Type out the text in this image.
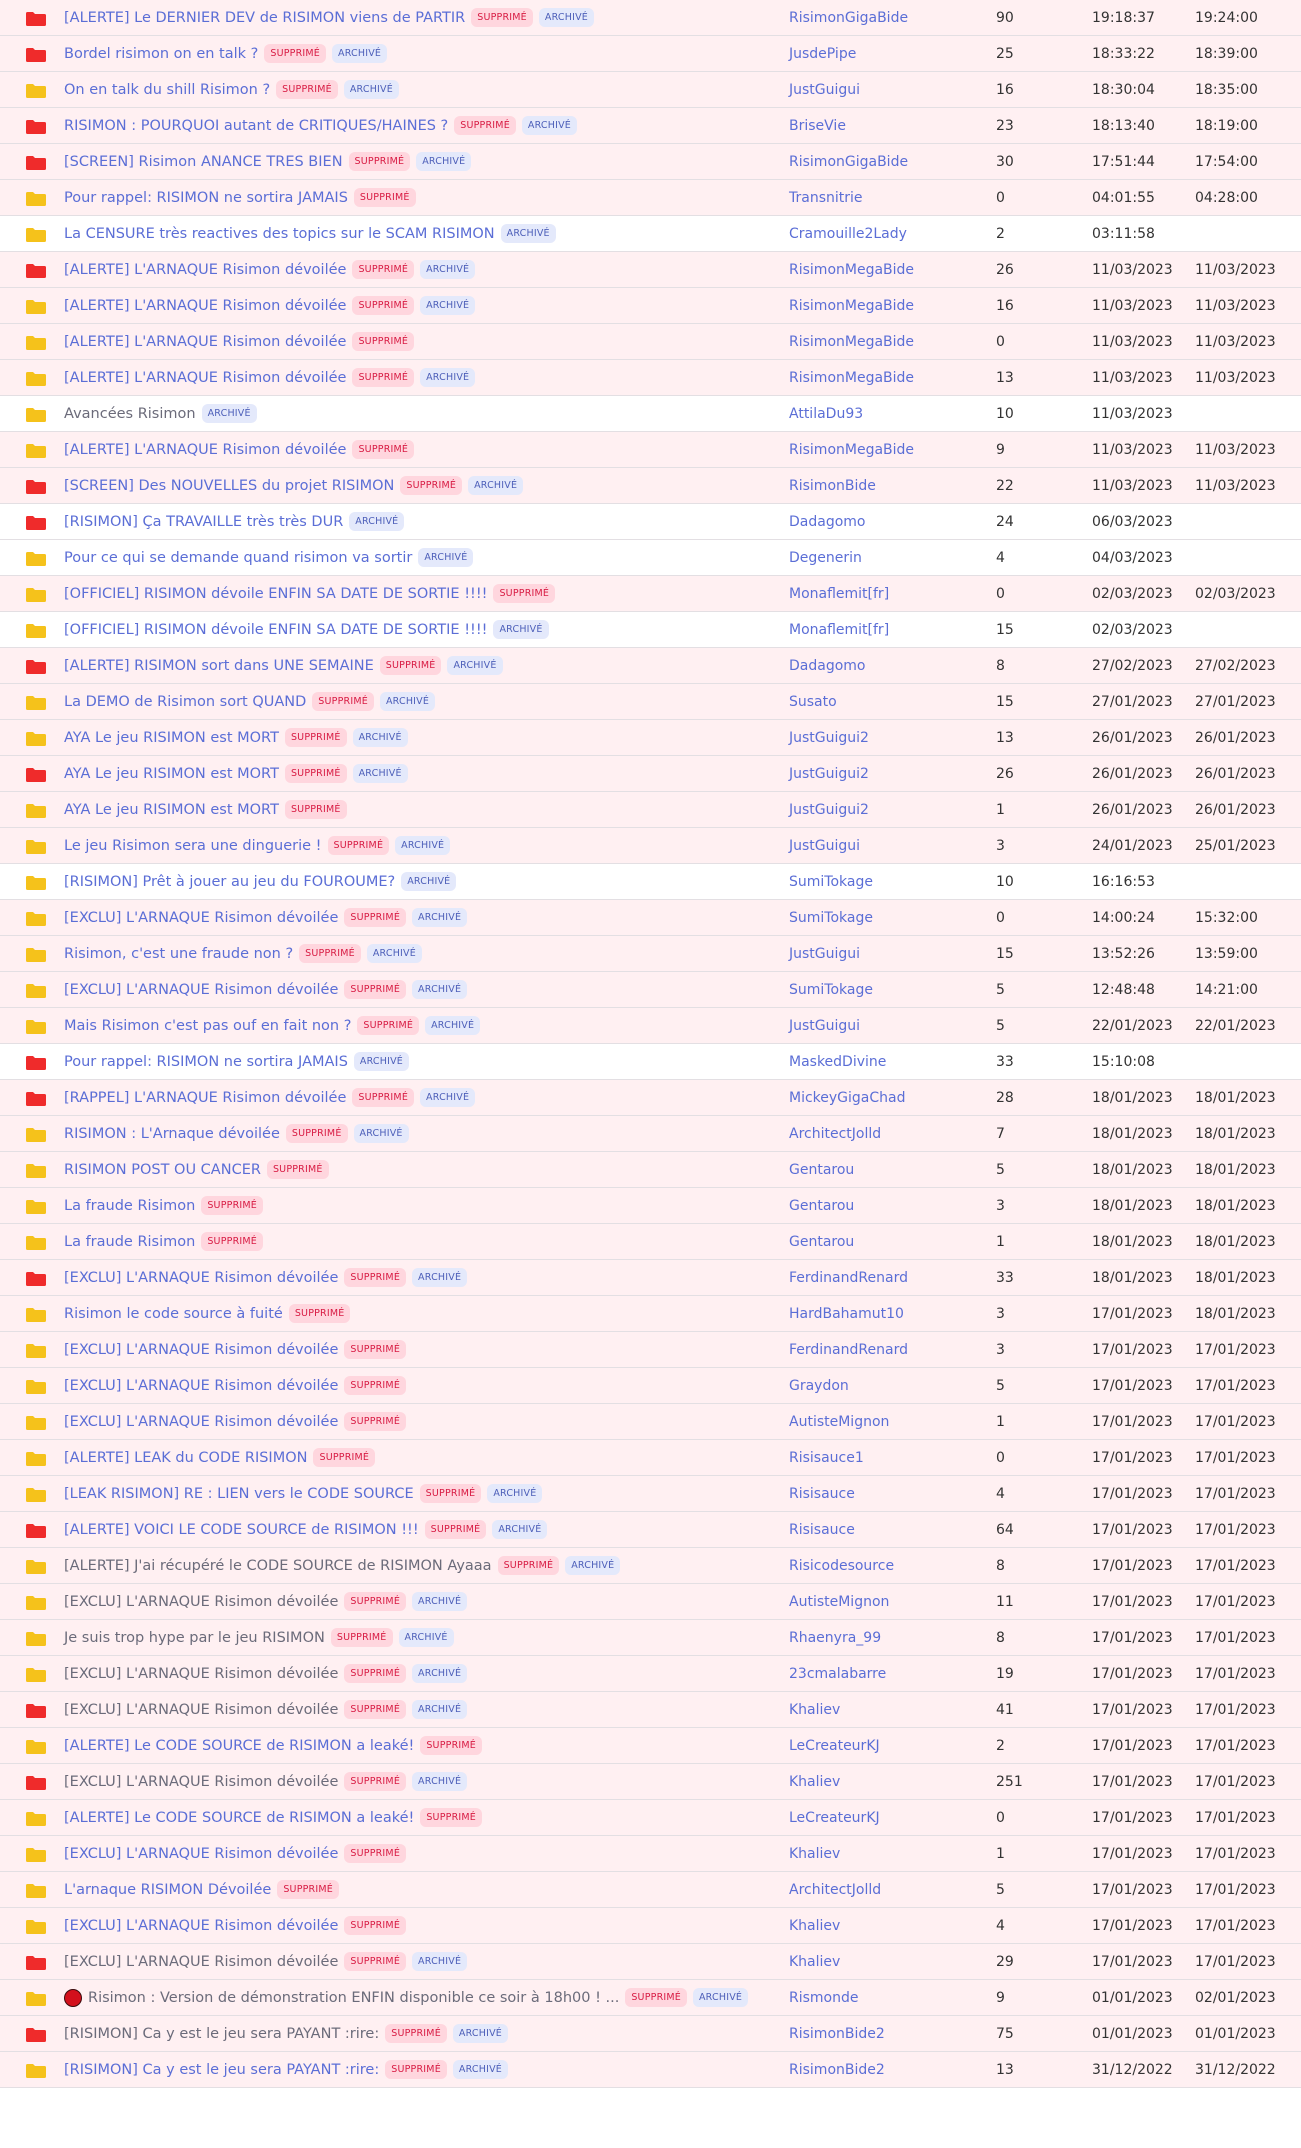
[ALERTE] Le DERNIER DEV de RISIMON viens de PARTIR	SUPPRIMÉ	ARCHIVÉ	RisimonGigaBide	90	19:18:37	19:24:00
Bordel risimon on en talk ?	SUPPRIMÉ	ARCHIVÉ	JusdePipe	25	18:33:22	18:39:00
On en talk du shill Risimon ?	SUPPRIMÉ	ARCHIVÉ	JustGuigui	16	18:30:04	18:35:00
RISIMON : POURQUOI autant de CRITIQUES/HAINES ?	SUPPRIMÉ	ARCHIVÉ	BriseVie	23	18:13:40	18:19:00
[SCREEN] Risimon ANANCE TRES BIEN	SUPPRIMÉ	ARCHIVÉ	RisimonGigaBide	30	17:51:44	17:54:00
Pour rappel: RISIMON ne sortira JAMAIS	SUPPRIMÉ	Transnitrie	0	04:01:55	04:28:00
La CENSURE très reactives des topics sur le SCAM RISIMON	ARCHIVÉ	Cramouille2Lady	2	03:11:58
[ALERTE] L'ARNAQUE Risimon dévoilée	SUPPRIMÉ	ARCHIVÉ	RisimonMegaBide	26	11/03/2023 11/03/2023
[ALERTE] L'ARNAQUE Risimon dévoilée	SUPPRIMÉ	ARCHIVÉ	RisimonMegaBide	16	11/03/2023 11/03/2023
[ALERTE] L'ARNAQUE Risimon dévoilée	SUPPRIMÉ	RisimonMegaBide	0	11/03/2023 11/03/2023
[ALERTE] L'ARNAQUE Risimon dévoilée	SUPPRIMÉ	ARCHIVÉ	RisimonMegaBide	13	11/03/2023 11/03/2023
Avancées Risimon	ARCHIVÉ	AttilaDu93	10	11/03/2023
[ALERTE] L'ARNAQUE Risimon dévoilée	SUPPRIMÉ	RisimonMegaBide	9	11/03/2023 11/03/2023
[SCREEN] Des NOUVELLES du projet RISIMON	SUPPRIMÉ	ARCHIVÉ	RisimonBide	22	11/03/2023 11/03/2023
[RISIMON] Ça TRAVAILLE très très DUR	ARCHIVÉ	Dadagomo	24	06/03/2023
Pour ce qui se demande quand risimon va sortir	ARCHIVÉ	Degenerin	4	04/03/2023
[OFFICIEL] RISIMON dévoile ENFIN SA DATE DE SORTIE !!!!	SUPPRIMÉ	Monaflemit[fr]	0	02/03/2023 02/03/2023
[OFFICIEL] RISIMON dévoile ENFIN SA DATE DE SORTIE !!!!	ARCHIVÉ	Monaflemit[fr]	15	02/03/2023
[ALERTE] RISIMON sort dans UNE SEMAINE	SUPPRIMÉ	ARCHIVÉ	Dadagomo	8	27/02/2023 27/02/2023
La DEMO de Risimon sort QUAND	SUPPRIMÉ	ARCHIVÉ	Susato	15	27/01/2023 27/01/2023
AYA Le jeu RISIMON est MORT	SUPPRIMÉ	ARCHIVÉ	JustGuigui2	13	26/01/2023 26/01/2023
AYA Le jeu RISIMON est MORT	SUPPRIMÉ	ARCHIVÉ	JustGuigui2	26	26/01/2023 26/01/2023
AYA Le jeu RISIMON est MORT	SUPPRIMÉ	JustGuigui2	1	26/01/2023 26/01/2023
Le jeu Risimon sera une dinguerie !	SUPPRIMÉ	ARCHIVÉ	JustGuigui	3	24/01/2023 25/01/2023
[RISIMON] Prêt à jouer au jeu du FOUROUME?	ARCHIVÉ	SumiTokage	10	16:16:53
[EXCLU] L'ARNAQUE Risimon dévoilée	SUPPRIMÉ	ARCHIVÉ	SumiTokage	0	14:00:24	15:32:00
Risimon, c'est une fraude non ?	SUPPRIMÉ	ARCHIVÉ	JustGuigui	15	13:52:26	13:59:00
[EXCLU] L'ARNAQUE Risimon dévoilée	SUPPRIMÉ	ARCHIVÉ	SumiTokage	5	12:48:48	14:21:00
Mais Risimon c'est pas ouf en fait non ?	SUPPRIMÉ	ARCHIVÉ	JustGuigui	5	22/01/2023 22/01/2023
Pour rappel: RISIMON ne sortira JAMAIS	ARCHIVÉ	MaskedDivine	33	15:10:08
[RAPPEL] L'ARNAQUE Risimon dévoilée	SUPPRIMÉ	ARCHIVÉ	MickeyGigaChad	28	18/01/2023 18/01/2023
RISIMON : L'Arnaque dévoilée	SUPPRIMÉ	ARCHIVÉ	ArchitectJolld	7	18/01/2023 18/01/2023
RISIMON POST OU CANCER	SUPPRIMÉ	Gentarou	5	18/01/2023 18/01/2023
La fraude Risimon	SUPPRIMÉ	Gentarou	3	18/01/2023 18/01/2023
La fraude Risimon	SUPPRIMÉ	Gentarou	1	18/01/2023 18/01/2023
[EXCLU] L'ARNAQUE Risimon dévoilée	SUPPRIMÉ	ARCHIVÉ	FerdinandRenard	33	18/01/2023 18/01/2023
Risimon le code source à fuité	SUPPRIMÉ	HardBahamut10	3	17/01/2023 18/01/2023
[EXCLU] L'ARNAQUE Risimon dévoilée	SUPPRIMÉ	FerdinandRenard	3	17/01/2023 17/01/2023
[EXCLU] L'ARNAQUE Risimon dévoilée	SUPPRIMÉ	Graydon	5	17/01/2023 17/01/2023
[EXCLU] L'ARNAQUE Risimon dévoilée	SUPPRIMÉ	AutisteMignon	1	17/01/2023 17/01/2023
[ALERTE] LEAK du CODE RISIMON	SUPPRIMÉ	Risisauce1	0	17/01/2023 17/01/2023
[LEAK RISIMON] RE : LIEN vers le CODE SOURCE	SUPPRIMÉ	ARCHIVÉ	Risisauce	4	17/01/2023 17/01/2023
[ALERTE] VOICI LE CODE SOURCE de RISIMON !!!	SUPPRIMÉ	ARCHIVÉ	Risisauce	64	17/01/2023 17/01/2023
[ALERTE] J'ai récupéré le CODE SOURCE de RISIMON Ayaaa	SUPPRIMÉ	ARCHIVÉ	Risicodesource	8	17/01/2023 17/01/2023
[EXCLU] L'ARNAQUE Risimon dévoilée	SUPPRIMÉ	ARCHIVÉ	AutisteMignon	11	17/01/2023 17/01/2023
Je suis trop hype par le jeu RISIMON	SUPPRIMÉ	ARCHIVÉ	Rhaenyra_99	8	17/01/2023 17/01/2023
[EXCLU] L'ARNAQUE Risimon dévoilée	SUPPRIMÉ	ARCHIVÉ	23cmalabarre	19	17/01/2023 17/01/2023
[EXCLU] L'ARNAQUE Risimon dévoilée	SUPPRIMÉ	ARCHIVÉ	Khaliev	41	17/01/2023 17/01/2023
[ALERTE] Le CODE SOURCE de RISIMON a leaké!	SUPPRIMÉ	LeCreateurKJ	2	17/01/2023 17/01/2023
[EXCLU] L'ARNAQUE Risimon dévoilée	SUPPRIMÉ	ARCHIVÉ	Khaliev	251	17/01/2023 17/01/2023
[ALERTE] Le CODE SOURCE de RISIMON a leaké!	SUPPRIMÉ	LeCreateurKJ	0	17/01/2023 17/01/2023
[EXCLU] L'ARNAQUE Risimon dévoilée	SUPPRIMÉ	Khaliev	1	17/01/2023 17/01/2023
L'arnaque RISIMON Dévoilée	SUPPRIMÉ	ArchitectJolld	5	17/01/2023 17/01/2023
[EXCLU] L'ARNAQUE Risimon dévoilée	SUPPRIMÉ	Khaliev	4	17/01/2023 17/01/2023
[EXCLU] L'ARNAQUE Risimon dévoilée	SUPPRIMÉ	ARCHIVÉ	Khaliev	29	17/01/2023 17/01/2023
Risimon : Version de démonstration ENFIN disponible ce soir à 18h00 ! ...	SUPPRIMÉ	ARCHIVÉ	Rismonde	9	01/01/2023 02/01/2023
[RISIMON] Ca y est le jeu sera PAYANT :rire:	SUPPRIMÉ	ARCHIVÉ	RisimonBide2	75	01/01/2023 01/01/2023
[RISIMON] Ca y est le jeu sera PAYANT :rire:	SUPPRIMÉ	ARCHIVÉ	RisimonBide2	13	31/12/2022 31/12/2022
